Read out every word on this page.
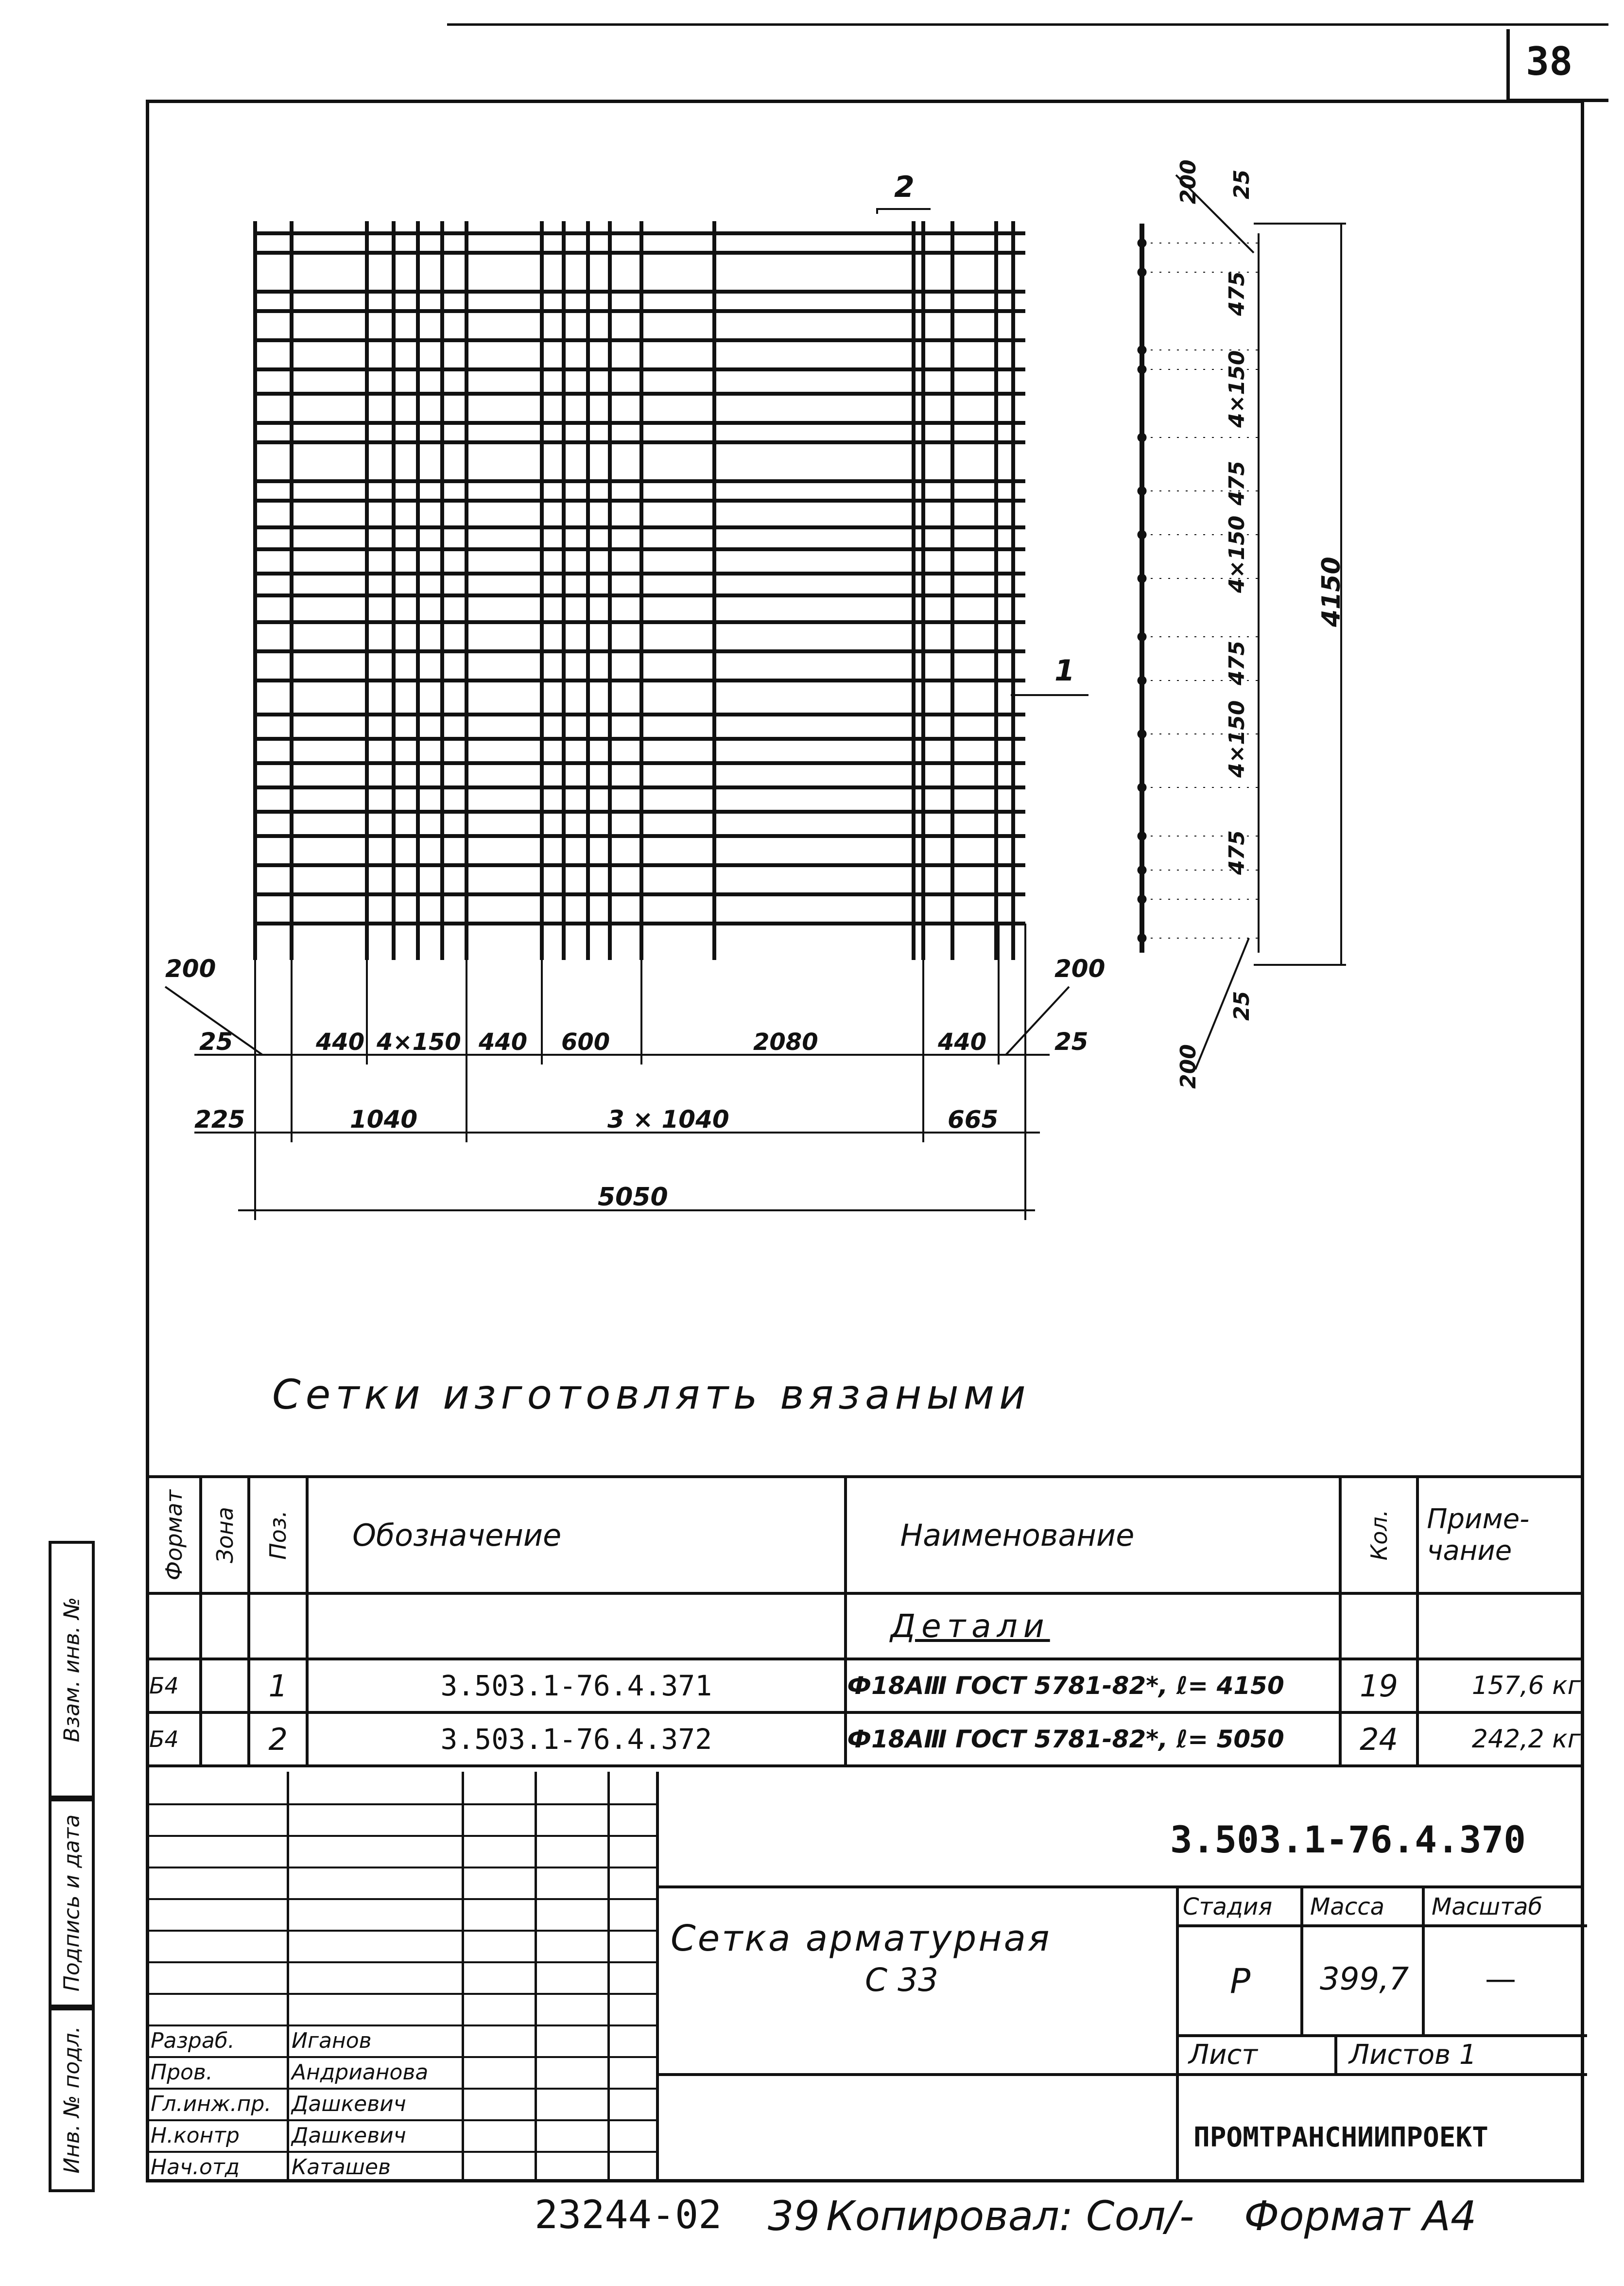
38
Взам. инв. №
Подпись и дата
Инв. № подл.
200
25
225
200
25
440 4×150 440 600	2080	440
1040	3 × 1040	665
5050
2
1
475
4×150
475
4×150
475
4×150
475
200 25
25
200
4150
Сетки изготовлять вязаными
Формат	Зона	Поз.	Обозначение	Наименование	Кол.	Приме-чание
				Детали		
Б4		1	3.503.1-76.4.371	Ф18АⅢ ГОСТ 5781-82*, ℓ= 4150	19	157,6 кг
Б4		2	3.503.1-76.4.372	Ф18АⅢ ГОСТ 5781-82*, ℓ= 5050	24	242,2 кг
Разраб.	Иганов
Пров.	Андрианова
Гл.инж.пр. Дашкевич
Н.контр Дашкевич
Нач.отд Каташев
3.503.1-76.4.370
Сетка арматурная
С 33
Стадия Масса Масштаб
Р 399,7 —
Лист	Листов 1
ПРОМТРАНСНИИПРОЕКТ
23244-02 39 Копировал: Сол/- Формат А4
